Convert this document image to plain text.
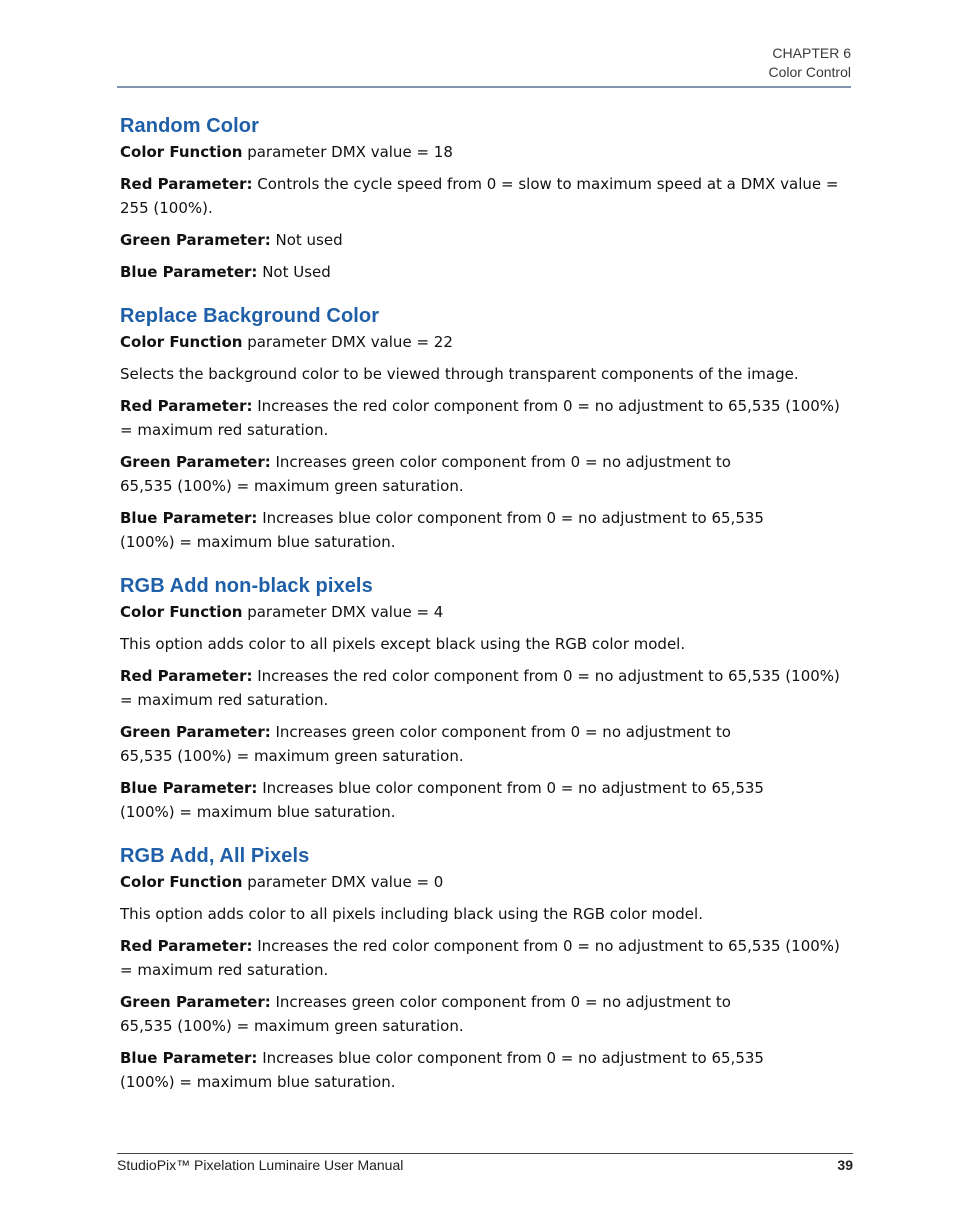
CHAPTER 6
Color Control
Random Color

Color Function parameter DMX value = 18

Red Parameter: Controls the cycle speed from 0 = slow to maximum speed at a DMX value = 255 (100%).

Green Parameter: Not used

Blue Parameter: Not Used

Replace Background Color

Color Function parameter DMX value = 22

Selects the background color to be viewed through transparent components of the image.

Red Parameter: Increases the red color component from 0 = no adjustment to 65,535 (100%) = maximum red saturation.

Green Parameter: Increases green color component from 0 = no adjustment to 65,535 (100%) = maximum green saturation.

Blue Parameter: Increases blue color component from 0 = no adjustment to 65,535 (100%) = maximum blue saturation.

RGB Add non-black pixels

Color Function parameter DMX value = 4

This option adds color to all pixels except black using the RGB color model.

Red Parameter: Increases the red color component from 0 = no adjustment to 65,535 (100%) = maximum red saturation.

Green Parameter: Increases green color component from 0 = no adjustment to 65,535 (100%) = maximum green saturation.

Blue Parameter: Increases blue color component from 0 = no adjustment to 65,535 (100%) = maximum blue saturation.

RGB Add, All Pixels

Color Function parameter DMX value = 0

This option adds color to all pixels including black using the RGB color model.

Red Parameter: Increases the red color component from 0 = no adjustment to 65,535 (100%) = maximum red saturation.

Green Parameter: Increases green color component from 0 = no adjustment to 65,535 (100%) = maximum green saturation.

Blue Parameter: Increases blue color component from 0 = no adjustment to 65,535 (100%) = maximum blue saturation.

StudioPix™ Pixelation Luminaire User Manual	39
